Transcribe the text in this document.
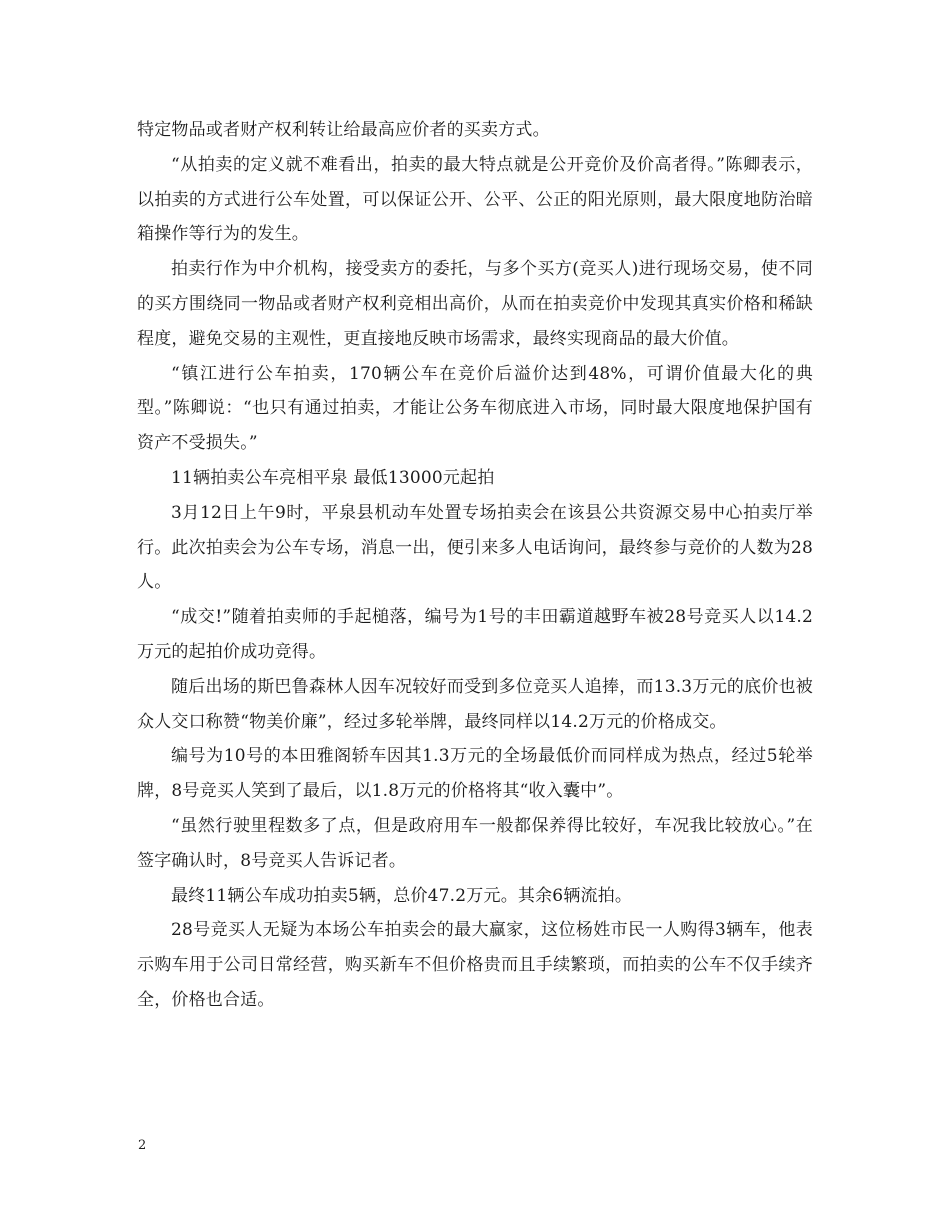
特定物品或者财产权利转让给最高应价者的买卖方式。

“从拍卖的定义就不难看出，拍卖的最大特点就是公开竞价及价高者得。”陈卿表示，以拍卖的方式进行公车处置，可以保证公开、公平、公正的阳光原则，最大限度地防治暗箱操作等行为的发生。

拍卖行作为中介机构，接受卖方的委托，与多个买方(竞买人)进行现场交易，使不同的买方围绕同一物品或者财产权利竞相出高价，从而在拍卖竞价中发现其真实价格和稀缺程度，避免交易的主观性，更直接地反映市场需求，最终实现商品的最大价值。

“镇江进行公车拍卖，170辆公车在竞价后溢价达到48%，可谓价值最大化的典型。”陈卿说：“也只有通过拍卖，才能让公务车彻底进入市场，同时最大限度地保护国有资产不受损失。”

11辆拍卖公车亮相平泉 最低13000元起拍

3月12日上午9时，平泉县机动车处置专场拍卖会在该县公共资源交易中心拍卖厅举行。此次拍卖会为公车专场，消息一出，便引来多人电话询问，最终参与竞价的人数为28人。

“成交!”随着拍卖师的手起槌落，编号为1号的丰田霸道越野车被28号竞买人以14.2万元的起拍价成功竞得。

随后出场的斯巴鲁森林人因车况较好而受到多位竞买人追捧，而13.3万元的底价也被众人交口称赞“物美价廉”，经过多轮举牌，最终同样以14.2万元的价格成交。

编号为10号的本田雅阁轿车因其1.3万元的全场最低价而同样成为热点，经过5轮举牌，8号竞买人笑到了最后，以1.8万元的价格将其“收入囊中”。

“虽然行驶里程数多了点，但是政府用车一般都保养得比较好，车况我比较放心。”在签字确认时，8号竞买人告诉记者。

最终11辆公车成功拍卖5辆，总价47.2万元。其余6辆流拍。

28号竞买人无疑为本场公车拍卖会的最大赢家，这位杨姓市民一人购得3辆车，他表示购车用于公司日常经营，购买新车不但价格贵而且手续繁琐，而拍卖的公车不仅手续齐全，价格也合适。

2
